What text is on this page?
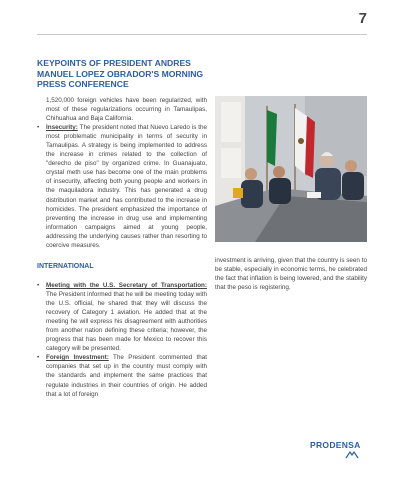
7
KEYPOINTS OF PRESIDENT ANDRES MANUEL LOPEZ OBRADOR'S MORNING PRESS CONFERENCE

1,520,000 foreign vehicles have been regularized, with most of these regularizations occurring in Tamaulipas, Chihuahua and Baja California.

• Insecurity: The president noted that Nuevo Laredo is the most problematic municipality in terms of security in Tamaulipas. A strategy is being implemented to address the increase in crimes related to the collection of "derecho de piso" by organized crime. In Guanajuato, crystal meth use has become one of the main problems of insecurity, affecting both young people and workers in the maquiladora industry. This has generated a drug distribution market and has contributed to the increase in homicides. The president emphasized the importance of preventing the increase in drug use and implementing information campaigns aimed at young people, addressing the underlying causes rather than resorting to coercive measures.

INTERNATIONAL

• Meeting with the U.S. Secretary of Transportation: The President informed that he will be meeting today with the U.S. official, he shared that they will discuss the recovery of Category 1 aviation. He added that at the meeting he will express his disagreement with authorities from another nation defining these criteria; however, the progress that has been made for Mexico to recover this category will be presented.

• Foreign Investment: The President commented that companies that set up in the country must comply with the standards and implement the same practices that regulate industries in their countries of origin. He added that a lot of foreign

investment is arriving, given that the country is seen to be stable, especially in economic terms, he celebrated the fact that inflation is being lowered, and the stability that the peso is registering.

PRODENSA
